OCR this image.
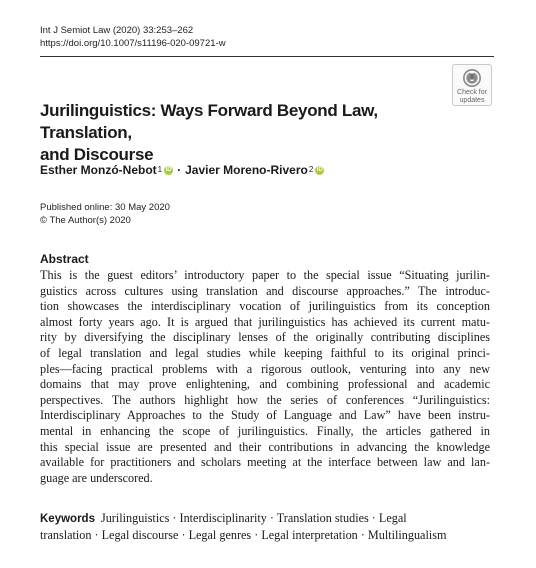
Int J Semiot Law (2020) 33:253–262
https://doi.org/10.1007/s11196-020-09721-w
Check for
updates
Jurilinguistics: Ways Forward Beyond Law, Translation,
and Discourse
Esther Monzó-Nebot$^1$ iD · Javier Moreno-Rivero$^2$ iD
Published online: 30 May 2020
© The Author(s) 2020
Abstract
This is the guest editors’ introductory paper to the special issue “Situating jurilin-
guistics across cultures using translation and discourse approaches.” The introduc-
tion showcases the interdisciplinary vocation of jurilinguistics from its conception
almost forty years ago. It is argued that jurilinguistics has achieved its current matu-
rity by diversifying the disciplinary lenses of the originally contributing disciplines
of legal translation and legal studies while keeping faithful to its original princi-
ples—facing practical problems with a rigorous outlook, venturing into any new
domains that may prove enlightening, and combining professional and academic
perspectives. The authors highlight how the series of conferences “Jurilinguistics:
Interdisciplinary Approaches to the Study of Language and Law” have been instru-
mental in enhancing the scope of jurilinguistics. Finally, the articles gathered in
this special issue are presented and their contributions in advancing the knowledge
available for practitioners and scholars meeting at the interface between law and lan-
guage are underscored.
Keywords Jurilinguistics · Interdisciplinarity · Translation studies · Legal
translation · Legal discourse · Legal genres · Legal interpretation · Multilingualism
